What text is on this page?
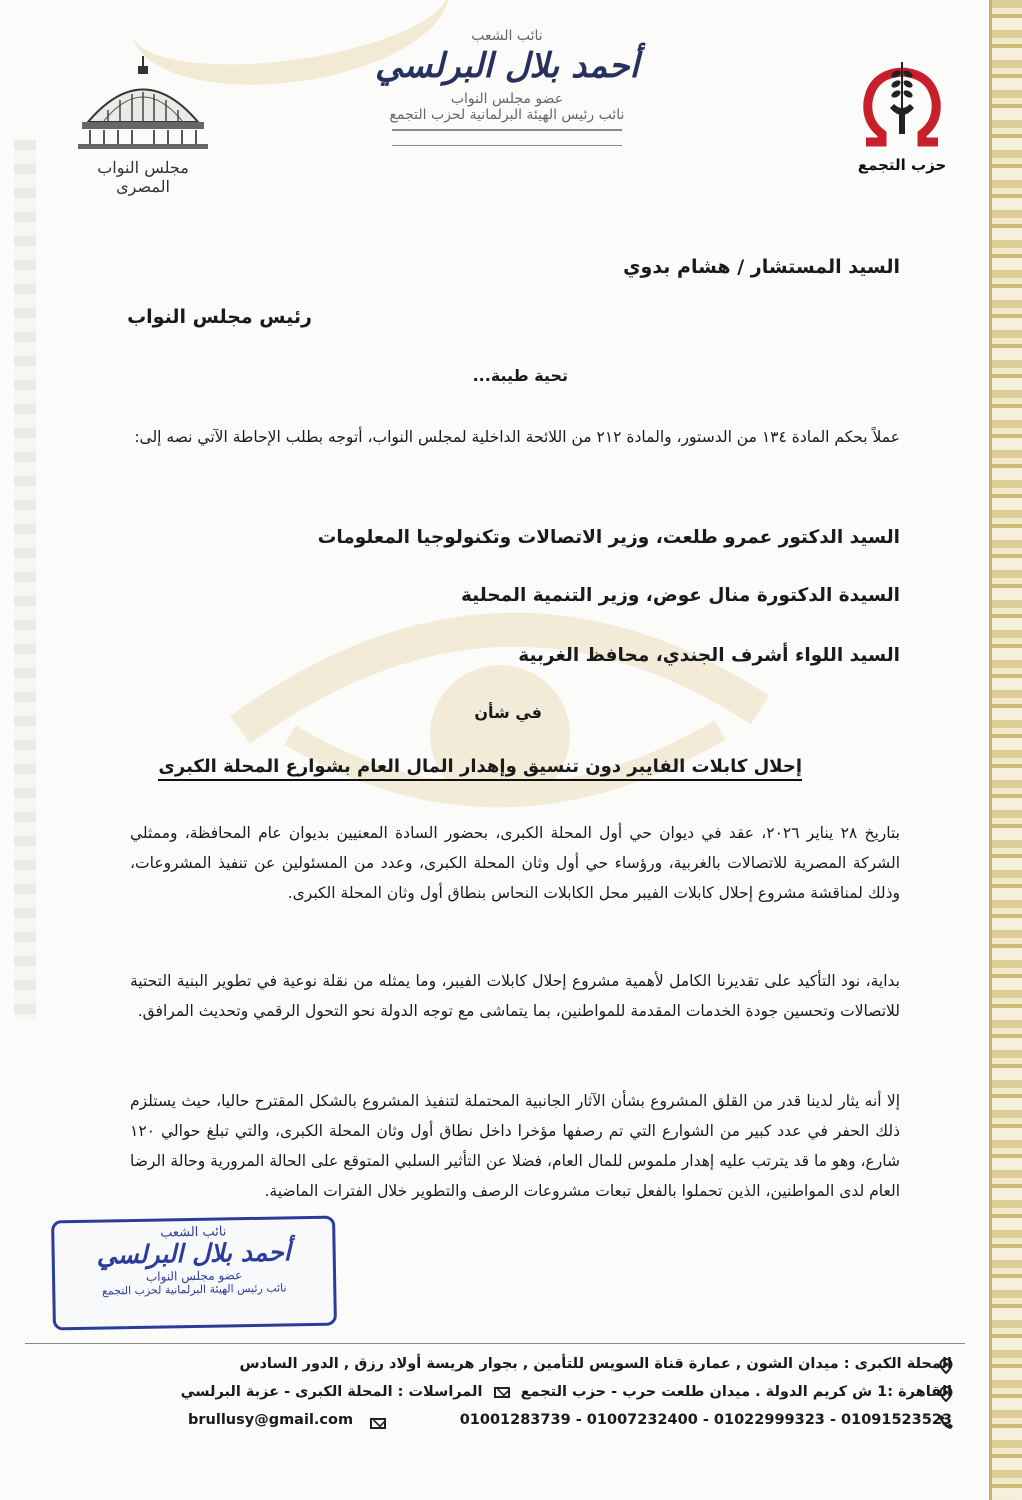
مجلس النواب المصرى
نائب الشعب
أحمد بلال البرلسي
عضو مجلس النواب
نائب رئيس الهيئة البرلمانية لحزب التجمع
حزب التجمع
السيد المستشار / هشام بدوي
رئيس مجلس النواب
تحية طيبة...
عملاً بحكم المادة ١٣٤ من الدستور، والمادة ٢١٢ من اللائحة الداخلية لمجلس النواب، أتوجه بطلب الإحاطة الآتي نصه إلى:
السيد الدكتور عمرو طلعت، وزير الاتصالات وتكنولوجيا المعلومات
السيدة الدكتورة منال عوض، وزير التنمية المحلية
السيد اللواء أشرف الجندي، محافظ الغربية
في شأن
إحلال كابلات الفايبر دون تنسيق وإهدار المال العام بشوارع المحلة الكبرى
بتاريخ ٢٨ يناير ٢٠٢٦، عقد في ديوان حي أول المحلة الكبرى، بحضور السادة المعنيين بديوان عام المحافظة، وممثلي الشركة المصرية للاتصالات بالغربية، ورؤساء حي أول وثان المحلة الكبرى، وعدد من المسئولين عن تنفيذ المشروعات، وذلك لمناقشة مشروع إحلال كابلات الفيبر محل الكابلات النحاس بنطاق أول وثان المحلة الكبرى.
بداية، نود التأكيد على تقديرنا الكامل لأهمية مشروع إحلال كابلات الفيبر، وما يمثله من نقلة نوعية في تطوير البنية التحتية للاتصالات وتحسين جودة الخدمات المقدمة للمواطنين، بما يتماشى مع توجه الدولة نحو التحول الرقمي وتحديث المرافق.
إلا أنه يثار لدينا قدر من القلق المشروع بشأن الآثار الجانبية المحتملة لتنفيذ المشروع بالشكل المقترح حاليا، حيث يستلزم ذلك الحفر في عدد كبير من الشوارع التي تم رصفها مؤخرا داخل نطاق أول وثان المحلة الكبرى، والتي تبلغ حوالي ١٢٠ شارع، وهو ما قد يترتب عليه إهدار ملموس للمال العام، فضلا عن التأثير السلبي المتوقع على الحالة المرورية وحالة الرضا العام لدى المواطنين، الذين تحملوا بالفعل تبعات مشروعات الرصف والتطوير خلال الفترات الماضية.
نائب الشعب
أحمد بلال البرلسي
عضو مجلس النواب
نائب رئيس الهيئة البرلمانية لحزب التجمع
المحلة الكبرى : ميدان الشون , عمارة قناة السويس للتأمين , بجوار هريسة أولاد رزق , الدور السادس
القاهرة :1 ش كريم الدولة . ميدان طلعت حرب - حزب التجمع  المراسلات : المحلة الكبرى - عزبة البرلسي
01091523523 - 01022999323 - 01007232400 - 01001283739
brullusy@gmail.com
